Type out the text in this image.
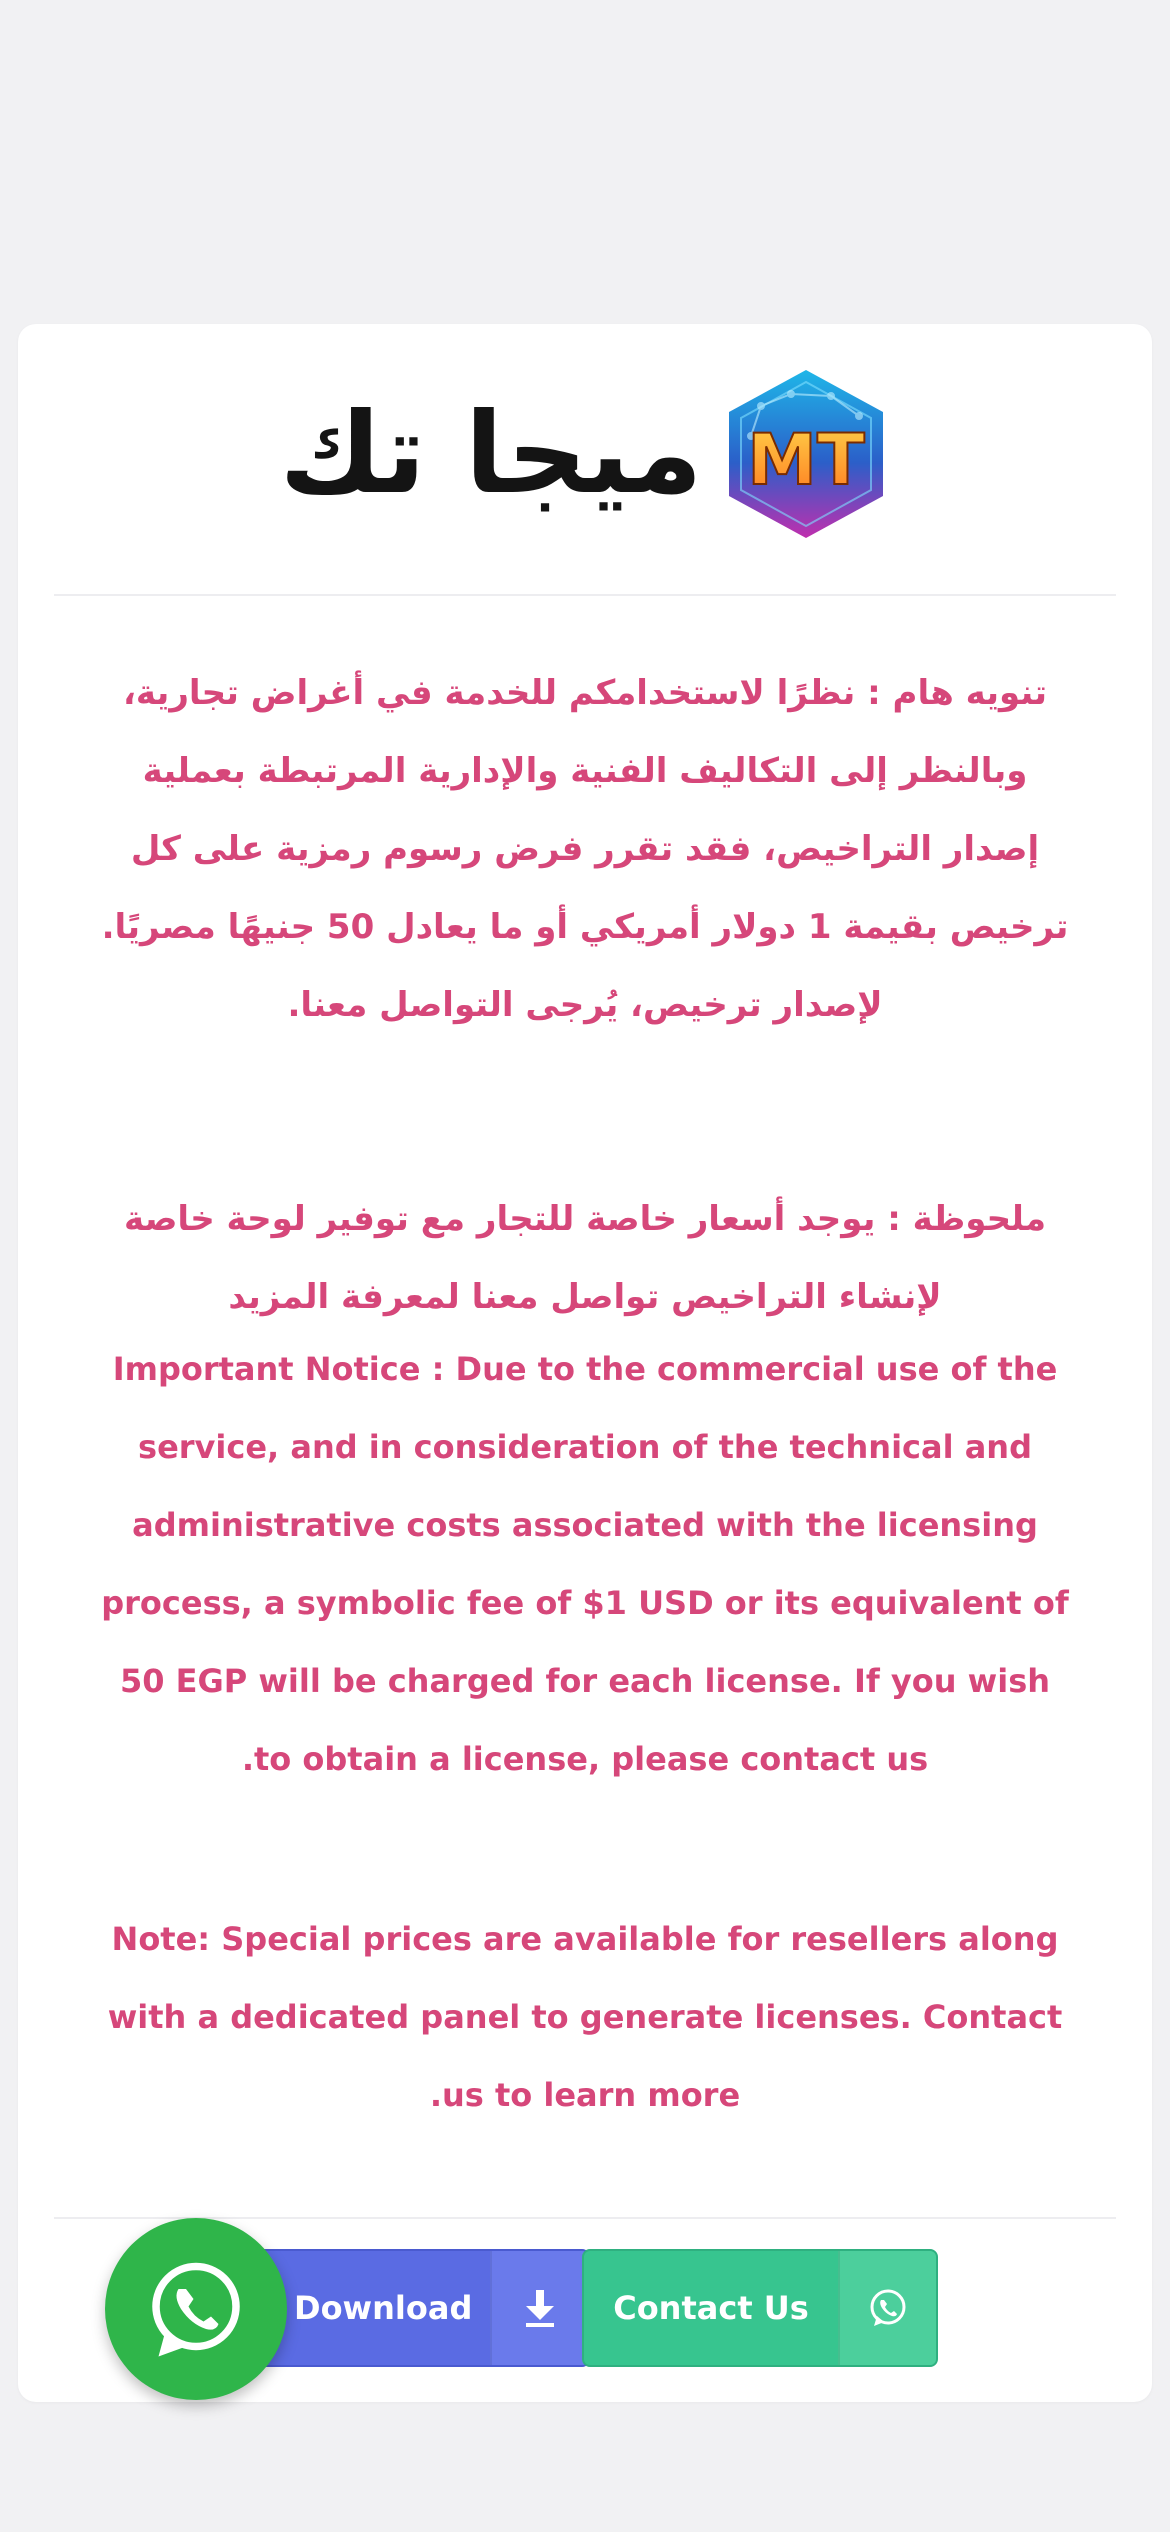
ميجا تك MT

تنويه هام : نظرًا لاستخدامكم للخدمة في أغراض تجارية، وبالنظر إلى التكاليف الفنية والإدارية المرتبطة بعملية إصدار التراخيص، فقد تقرر فرض رسوم رمزية على كل ترخيص بقيمة 1 دولار أمريكي أو ما يعادل 50 جنيهًا مصريًا. لإصدار ترخيص، يُرجى التواصل معنا.

ملحوظة : يوجد أسعار خاصة للتجار مع توفير لوحة خاصة لإنشاء التراخيص تواصل معنا لمعرفة المزيد

Important Notice : Due to the commercial use of the service, and in consideration of the technical and administrative costs associated with the licensing process, a symbolic fee of $1 USD or its equivalent of 50 EGP will be charged for each license. If you wish to obtain a license, please contact us.

Note: Special prices are available for resellers along with a dedicated panel to generate licenses. Contact us to learn more.

Download	Contact Us
